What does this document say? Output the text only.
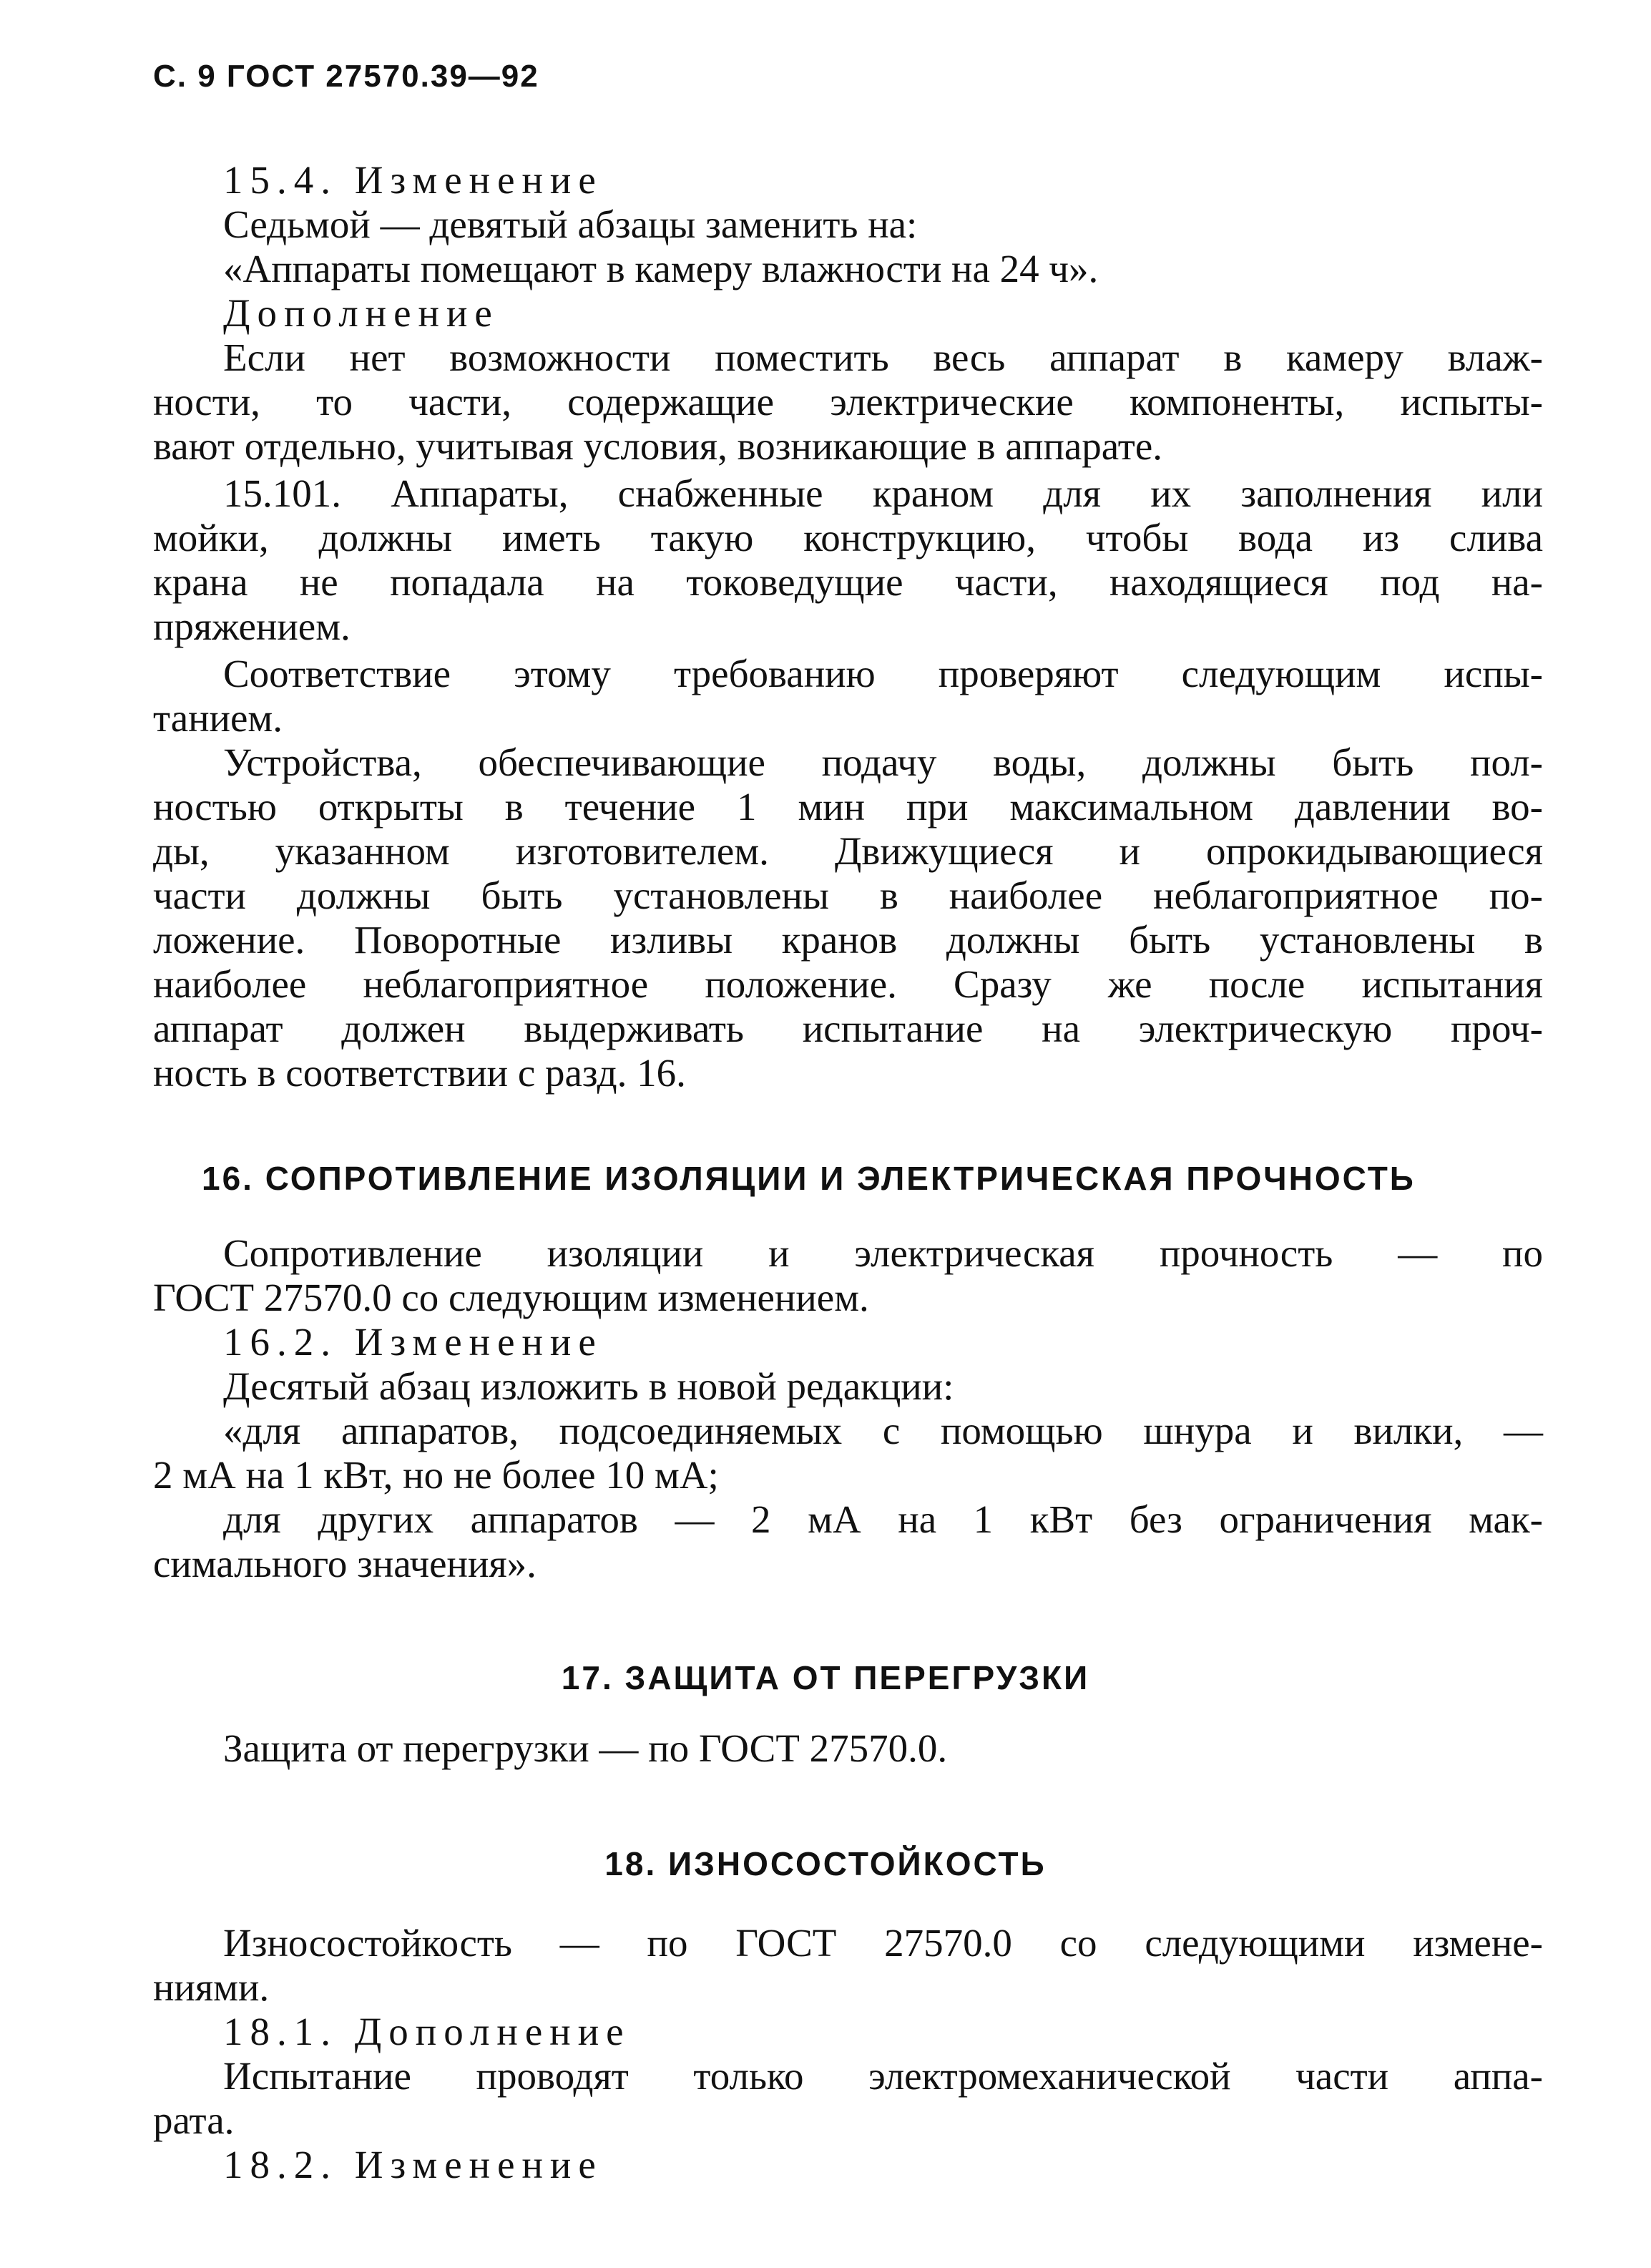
С. 9 ГОСТ 27570.39—92
15.4. Изменение
Седьмой — девятый абзацы заменить на:
«Аппараты помещают в камеру влажности на 24 ч».
Дополнение
Если нет возможности поместить весь аппарат в камеру влаж-
ности, то части, содержащие электрические компоненты, испыты-
вают отдельно, учитывая условия, возникающие в аппарате.
15.101. Аппараты, снабженные краном для их заполнения или
мойки, должны иметь такую конструкцию, чтобы вода из слива
крана не попадала на токоведущие части, находящиеся под на-
пряжением.
Соответствие этому требованию проверяют следующим испы-
танием.
Устройства, обеспечивающие подачу воды, должны быть пол-
ностью открыты в течение 1 мин при максимальном давлении во-
ды, указанном изготовителем. Движущиеся и опрокидывающиеся
части должны быть установлены в наиболее неблагоприятное по-
ложение. Поворотные изливы кранов должны быть установлены в
наиболее неблагоприятное положение. Сразу же после испытания
аппарат должен выдерживать испытание на электрическую проч-
ность в соответствии с разд. 16.
16. СОПРОТИВЛЕНИЕ ИЗОЛЯЦИИ И ЭЛЕКТРИЧЕСКАЯ ПРОЧНОСТЬ
Сопротивление изоляции и электрическая прочность — по
ГОСТ 27570.0 со следующим изменением.
16.2. Изменение
Десятый абзац изложить в новой редакции:
«для аппаратов, подсоединяемых с помощью шнура и вилки, —
2 мА на 1 кВт, но не более 10 мА;
для других аппаратов — 2 мА на 1 кВт без ограничения мак-
симального значения».
17. ЗАЩИТА ОТ ПЕРЕГРУЗКИ
Защита от перегрузки — по ГОСТ 27570.0.
18. ИЗНОСОСТОЙКОСТЬ
Износостойкость — по ГОСТ 27570.0 со следующими измене-
ниями.
18.1. Дополнение
Испытание проводят только электромеханической части аппа-
рата.
18.2. Изменение
